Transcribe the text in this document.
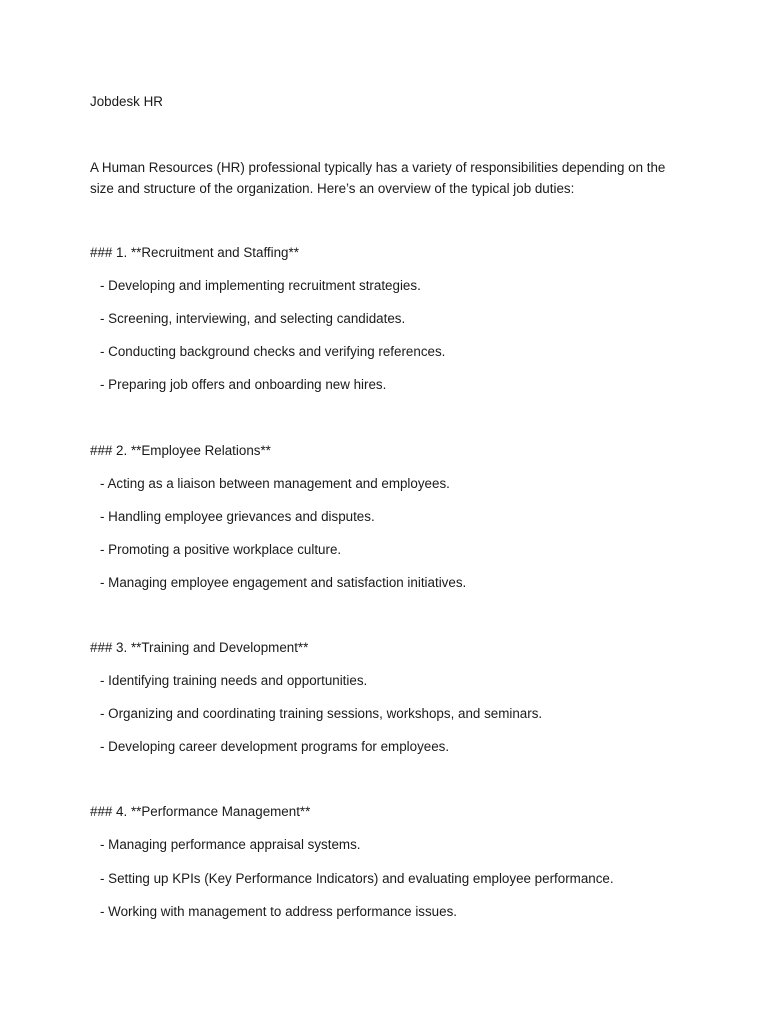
Jobdesk HR
A Human Resources (HR) professional typically has a variety of responsibilities depending on the size and structure of the organization. Here’s an overview of the typical job duties:
### 1. **Recruitment and Staffing**
- Developing and implementing recruitment strategies.
- Screening, interviewing, and selecting candidates.
- Conducting background checks and verifying references.
- Preparing job offers and onboarding new hires.
### 2. **Employee Relations**
- Acting as a liaison between management and employees.
- Handling employee grievances and disputes.
- Promoting a positive workplace culture.
- Managing employee engagement and satisfaction initiatives.
### 3. **Training and Development**
- Identifying training needs and opportunities.
- Organizing and coordinating training sessions, workshops, and seminars.
- Developing career development programs for employees.
### 4. **Performance Management**
- Managing performance appraisal systems.
- Setting up KPIs (Key Performance Indicators) and evaluating employee performance.
- Working with management to address performance issues.
